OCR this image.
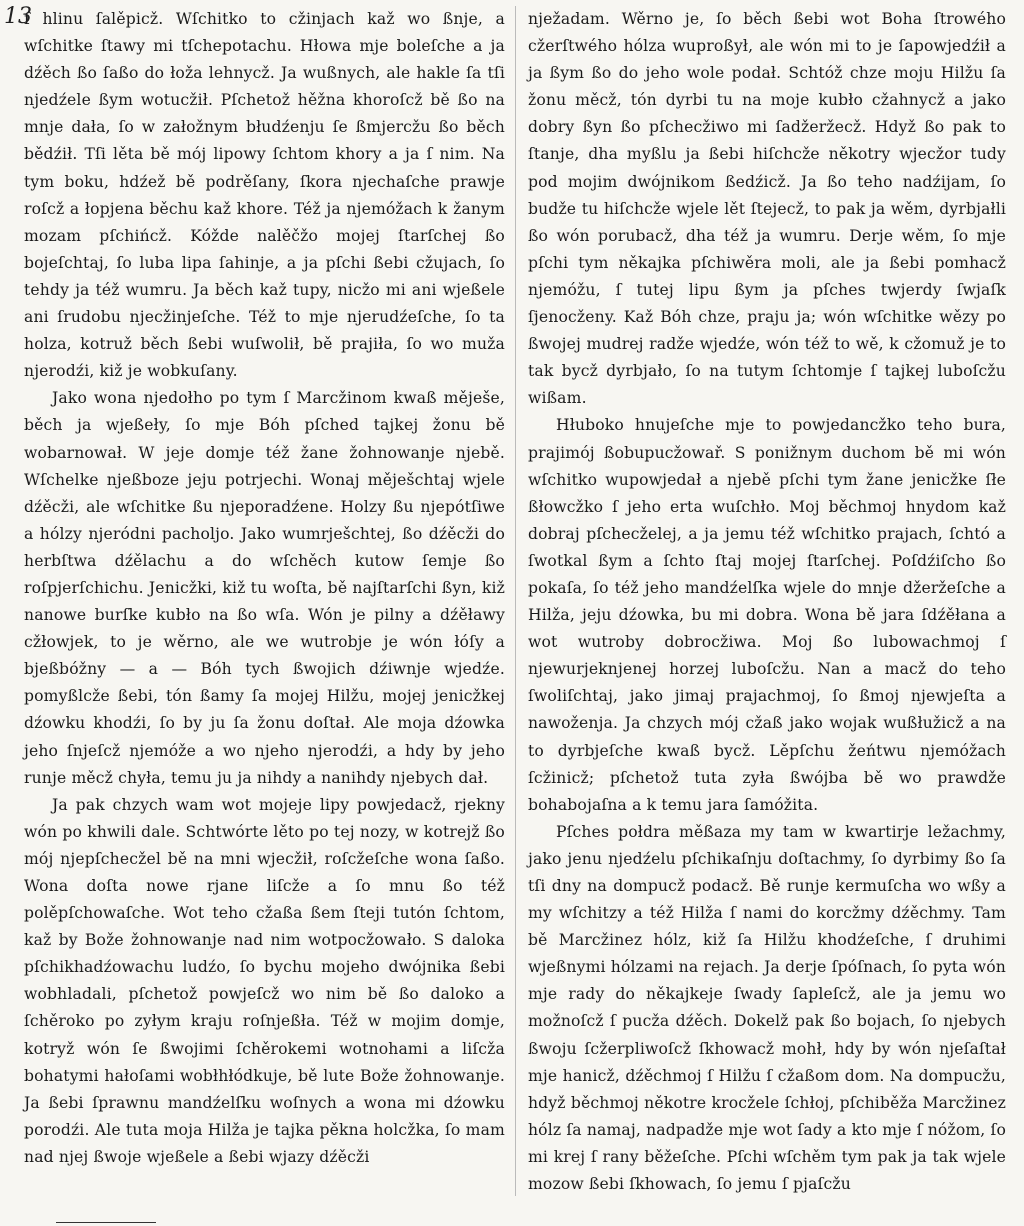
13

ſ hlinu ſalěpicž. Wſchitko to cžinjach kaž wo ßnje, a wſchitke ſtawy mi tſchepotachu. Hłowa mje boleſche a ja dźěch ßo ſaßo do łoža lehnycž. Ja wußnych, ale hakle ſa tſi njedźele ßym wotucžił. Pſchetož hěžna khoroſcž bě ßo na mnje dała, ſo w załožnym błudźenju ſe ßmjercžu ßo běch bědźił. Tſi lěta bě mój lipowy ſchtom khory a ja ſ nim. Na tym boku, hdźež bě podrěſany, ſkora njechaſche prawje roſcž a łopjena běchu kaž khore. Též ja njemóžach k žanym mozam pſchińcž. Kóžde nalěčžo mojej ſtarſchej ßo bojeſchtaj, ſo luba lipa ſahinje, a ja pſchi ßebi cžujach, ſo tehdy ja též wumru. Ja běch kaž tupy, nicžo mi ani wjeßele ani ſrudobu njecžinjeſche. Též to mje njerudźeſche, ſo ta holza, kotruž běch ßebi wuſwolił, bě prajiła, ſo wo muža njerodźi, kiž je wobkuſany.

Jako wona njedołho po tym ſ Marcžinom kwaß měješe, běch ja wjeßeły, ſo mje Bóh pſched tajkej žonu bě wobarnował. W jeje domje též žane žohnowanje njebě. Wſchelke njeßboze jeju potrjechi. Wonaj měješchtaj wjele dźěcži, ale wſchitke ßu njeporadźene. Holzy ßu njepótſiwe a hólzy njeródni pacholjo. Jako wumrješchtej, ßo dźěcži do herbſtwa dźělachu a do wſchěch kutow ſemje ßo roſpjerſchichu. Jenicžki, kiž tu woſta, bě najſtarſchi ßyn, kiž nanowe burſke kubło na ßo wſa. Wón je pilny a dźěławy cžłowjek, to je wěrno, ale we wutrobje je wón łóſy a bjeßbóžny — a — Bóh tych ßwojich dźiwnje wjedźe. pomyßlcže ßebi, tón ßamy ſa mojej Hilžu, mojej jenicžkej dźowku khodźi, ſo by ju ſa žonu doſtał. Ale moja dźowka jeho ſnjeſcž njemóže a wo njeho njerodźi, a hdy by jeho runje měcž chyła, temu ju ja nihdy a nanihdy njebych dał.

Ja pak chzych wam wot mojeje lipy powjedacž, rjekny wón po khwili dale. Schtwórte lěto po tej nozy, w kotrejž ßo mój njepſchecžel bě na mni wjecžił, roſcžeſche wona ſaßo. Wona doſta nowe rjane liſcže a ſo mnu ßo též polěpſchowaſche. Wot teho cžaßa ßem ſteji tutón ſchtom, kaž by Bože žohnowanje nad nim wotpocžowało. S daloka pſchikhadźowachu ludźo, ſo bychu mojeho dwójnika ßebi wobhladali, pſchetož powjeſcž wo nim bě ßo daloko a ſchěroko po zyłym kraju roſnjeßła. Též w mojim domje, kotryž wón ſe ßwojimi ſchěrokemi wotnohami a liſcža bohatymi hałoſami wobłhłódkuje, bě lute Bože žohnowanje. Ja ßebi ſprawnu mandźelſku woſnych a wona mi dźowku porodźi. Ale tuta moja Hilža je tajka pěkna holcžka, ſo mam nad njej ßwoje wjeßele a ßebi wjazy dźěcži

nježadam. Wěrno je, ſo běch ßebi wot Boha ſtrowého cžerſtwého hólza wuproßył, ale wón mi to je ſapowjedźił a ja ßym ßo do jeho wole podał. Schtóž chze moju Hilžu ſa žonu měcž, tón dyrbi tu na moje kubło cžahnycž a jako dobry ßyn ßo pſchecžiwo mi ſadžeržecž. Hdyž ßo pak to ſtanje, dha myßlu ja ßebi hiſchcže někotry wjecžor tudy pod mojim dwójnikom ßedźicž. Ja ßo teho nadźijam, ſo budže tu hiſchcže wjele lět ſtejecž, to pak ja wěm, dyrbjałli ßo wón porubacž, dha též ja wumru. Derje wěm, ſo mje pſchi tym někajka pſchiwěra moli, ale ja ßebi pomhacž njemóžu, ſ tutej lipu ßym ja pſches twjerdy ſwjaſk ſjenocženy. Kaž Bóh chze, praju ja; wón wſchitke wězy po ßwojej mudrej radže wjedźe, wón též to wě, k cžomuž je to tak bycž dyrbjało, ſo na tutym ſchtomje ſ tajkej luboſcžu wißam.

Hłuboko hnujeſche mje to powjedancžko teho bura, prajimój ßobupucžowař. S ponižnym duchom bě mi wón wſchitko wupowjedał a njebě pſchi tym žane jenicžke ſłe ßłowcžko ſ jeho erta wuſchło. Moj běchmoj hnydom kaž dobraj pſchecželej, a ja jemu též wſchitko prajach, ſchtó a ſwotkal ßym a ſchto ſtaj mojej ſtarſchej. Poſdźiſcho ßo pokaſa, ſo též jeho mandźelſka wjele do mnje džeržeſche a Hilža, jeju dźowka, bu mi dobra. Wona bě jara ſdźěłana a wot wutroby dobrocžiwa. Moj ßo lubowachmoj ſ njewurjeknjenej horzej luboſcžu. Nan a macž do teho ſwoliſchtaj, jako jimaj prajachmoj, ſo ßmoj njewjeſta a nawoženja. Ja chzych mój cžaß jako wojak wußłužicž a na to dyrbjeſche kwaß bycž. Lěpſchu žeńtwu njemóžach ſcžinicž; pſchetož tuta zyła ßwójba bě wo prawdže bohabojaſna a k temu jara ſamóžita.

Pſches połdra měßaza my tam w kwartirje ležachmy, jako jenu njedźelu pſchikaſnju doſtachmy, ſo dyrbimy ßo ſa tſi dny na dompucž podacž. Bě runje kermuſcha wo wßy a my wſchitzy a též Hilža ſ nami do korcžmy dźěchmy. Tam bě Marcžinez hólz, kiž ſa Hilžu khodźeſche, ſ druhimi wjeßnymi hólzami na rejach. Ja derje ſpóſnach, ſo pyta wón mje rady do někajkeje ſwady ſapleſcž, ale ja jemu wo možnoſcž ſ pucža dźěch. Dokelž pak ßo bojach, ſo njebych ßwoju ſcžerpliwoſcž ſkhowacž mohł, hdy by wón njeſaſtał mje hanicž, dźěchmoj ſ Hilžu ſ cžaßom dom. Na dompucžu, hdyž běchmoj někotre krocžele ſchłoj, pſchiběža Marcžinez hólz ſa namaj, nadpadže mje wot ſady a kto mje ſ nóžom, ſo mi krej ſ rany běžeſche. Pſchi wſchěm tym pak ja tak wjele mozow ßebi ſkhowach, ſo jemu ſ pjaſcžu
